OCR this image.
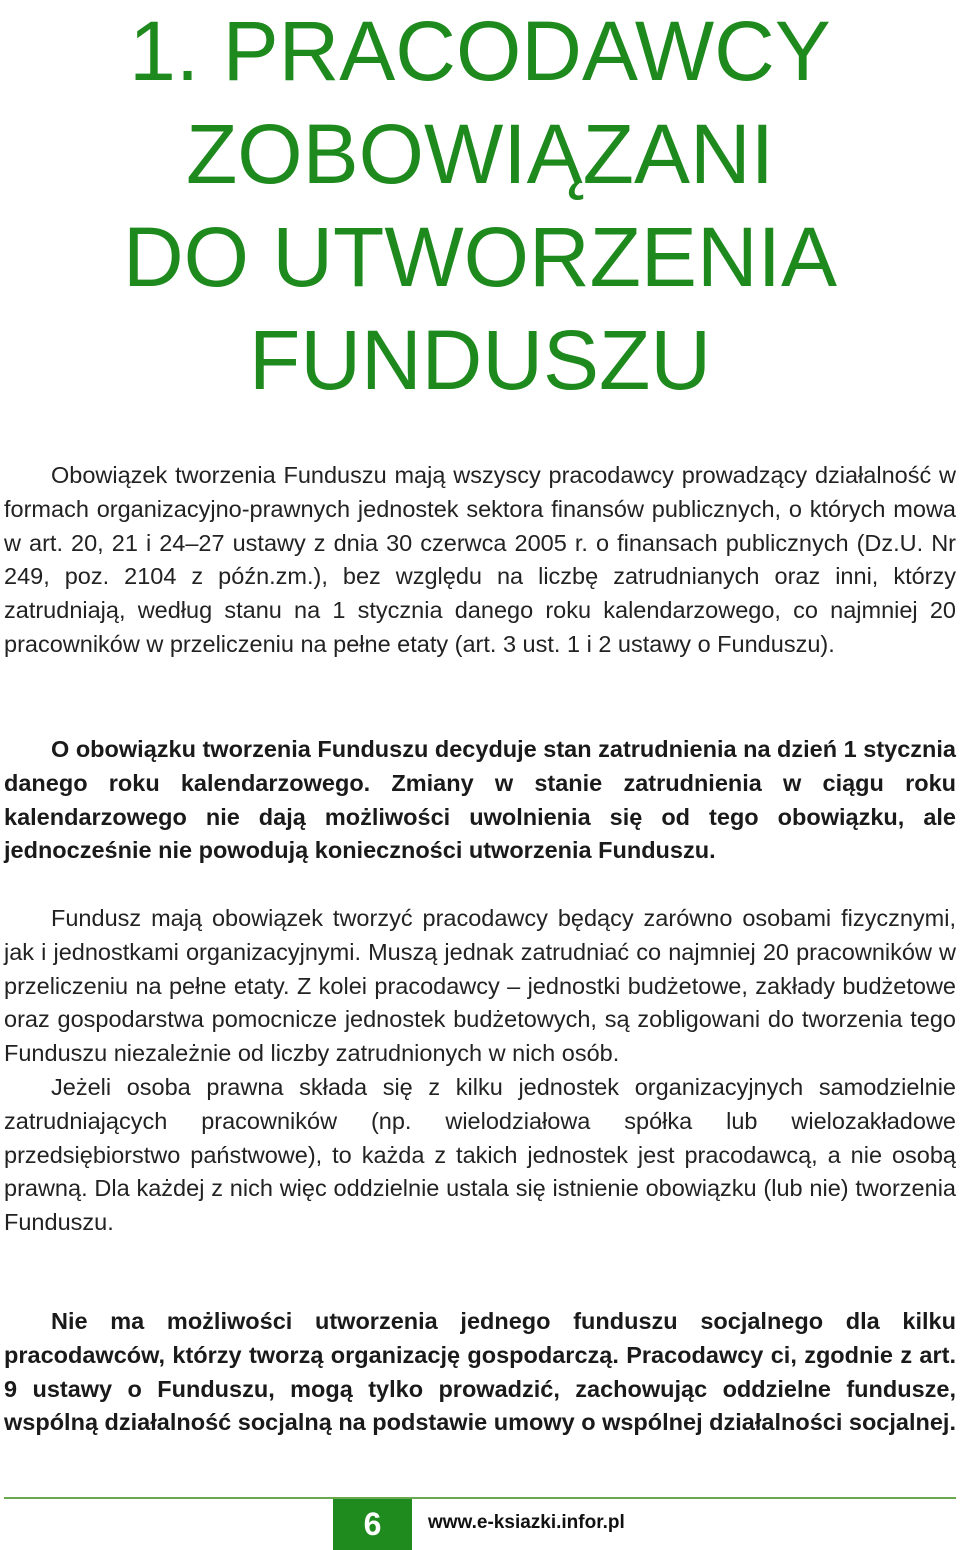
1. PRACODAWCY
ZOBOWIĄZANI
DO UTWORZENIA
FUNDUSZU

Obowiązek tworzenia Funduszu mają wszyscy pracodawcy prowadzący działalność w formach organizacyjno-prawnych jednostek sektora finansów publicznych, o których mowa w art. 20, 21 i 24–27 ustawy z dnia 30 czerwca 2005 r. o finansach publicznych (Dz.U. Nr 249, poz. 2104 z późn.zm.), bez względu na liczbę zatrudnianych oraz inni, którzy zatrudniają, według stanu na 1 stycznia danego roku kalendarzowego, co najmniej 20 pracowników w przeliczeniu na pełne etaty (art. 3 ust. 1 i 2 ustawy o Funduszu).

O obowiązku tworzenia Funduszu decyduje stan zatrudnienia na dzień 1 stycznia danego roku kalendarzowego. Zmiany w stanie zatrudnienia w ciągu roku kalendarzowego nie dają możliwości uwolnienia się od tego obowiązku, ale jednocześnie nie powodują konieczności utworzenia Funduszu.

Fundusz mają obowiązek tworzyć pracodawcy będący zarówno osobami fizycznymi, jak i jednostkami organizacyjnymi. Muszą jednak zatrudniać co najmniej 20 pracowników w przeliczeniu na pełne etaty. Z kolei pracodawcy – jednostki budżetowe, zakłady budżetowe oraz gospodarstwa pomocnicze jednostek budżetowych, są zobligowani do tworzenia tego Funduszu niezależnie od liczby zatrudnionych w nich osób.

Jeżeli osoba prawna składa się z kilku jednostek organizacyjnych samodzielnie zatrudniających pracowników (np. wielodziałowa spółka lub wielozakładowe przedsiębiorstwo państwowe), to każda z takich jednostek jest pracodawcą, a nie osobą prawną. Dla każdej z nich więc oddzielnie ustala się istnienie obowiązku (lub nie) tworzenia Funduszu.

Nie ma możliwości utworzenia jednego funduszu socjalnego dla kilku pracodawców, którzy tworzą organizację gospodarczą. Pracodawcy ci, zgodnie z art. 9 ustawy o Funduszu, mogą tylko prowadzić, zachowując oddzielne fundusze, wspólną działalność socjalną na podstawie umowy o wspólnej działalności socjalnej.

6	www.e-ksiazki.infor.pl
